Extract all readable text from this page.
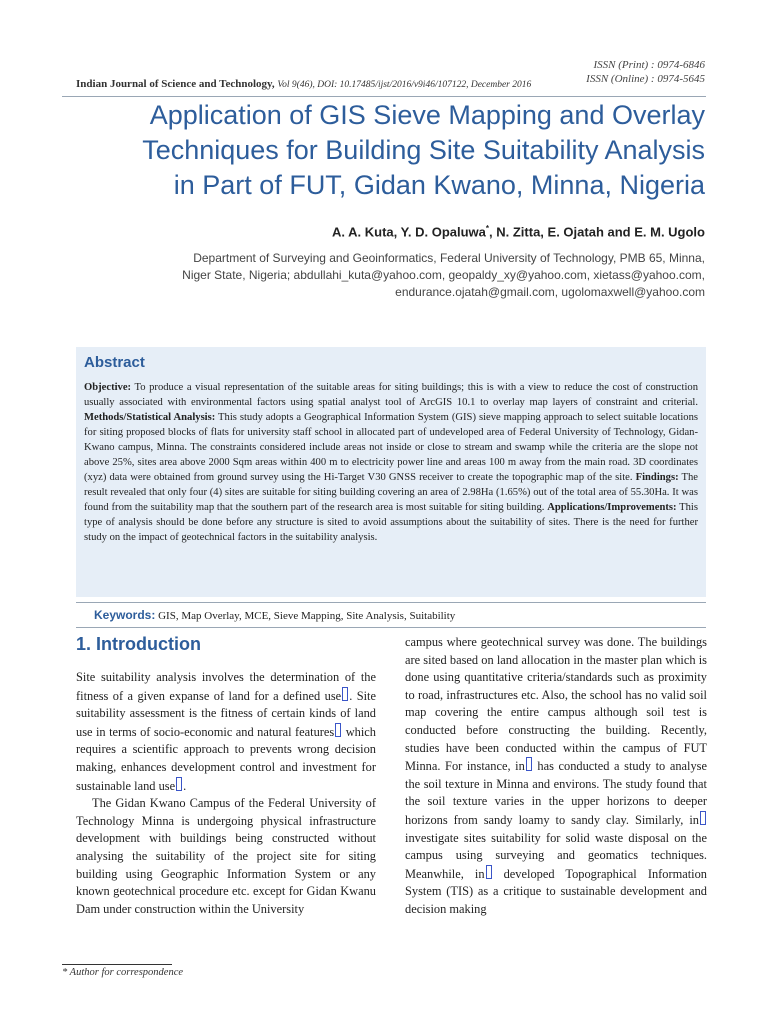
ISSN (Print) : 0974-6846
ISSN (Online) : 0974-5645
Indian Journal of Science and Technology, Vol 9(46), DOI: 10.17485/ijst/2016/v9i46/107122, December 2016
Application of GIS Sieve Mapping and Overlay
Techniques for Building Site Suitability Analysis
in Part of FUT, Gidan Kwano, Minna, Nigeria
A. A. Kuta, Y. D. Opaluwa*, N. Zitta, E. Ojatah and E. M. Ugolo
Department of Surveying and Geoinformatics, Federal University of Technology, PMB 65, Minna,
Niger State, Nigeria; abdullahi_kuta@yahoo.com, geopaldy_xy@yahoo.com, xietass@yahoo.com,
endurance.ojatah@gmail.com, ugolomaxwell@yahoo.com
Abstract
Objective: To produce a visual representation of the suitable areas for siting buildings; this is with a view to reduce the cost of construction usually associated with environmental factors using spatial analyst tool of ArcGIS 10.1 to overlay map layers of constraint and criterial. Methods/Statistical Analysis: This study adopts a Geographical Information System (GIS) sieve mapping approach to select suitable locations for siting proposed blocks of flats for university staff school in allocated part of undeveloped area of Federal University of Technology, Gidan-Kwano campus, Minna. The constraints considered include areas not inside or close to stream and swamp while the criteria are the slope not above 25%, sites area above 2000 Sqm areas within 400 m to electricity power line and areas 100 m away from the main road. 3D coordinates (xyz) data were obtained from ground survey using the Hi-Target V30 GNSS receiver to create the topographic map of the site. Findings: The result revealed that only four (4) sites are suitable for siting building covering an area of 2.98Ha (1.65%) out of the total area of 55.30Ha. It was found from the suitability map that the southern part of the research area is most suitable for siting building. Applications/Improvements: This type of analysis should be done before any structure is sited to avoid assumptions about the suitability of sites. There is the need for further study on the impact of geotechnical factors in the suitability analysis.
Keywords: GIS, Map Overlay, MCE, Sieve Mapping, Site Analysis, Suitability
1. Introduction

Site suitability analysis involves the determination of the fitness of a given expanse of land for a defined use . Site suitability assessment is the fitness of certain kinds of land use in terms of socio-economic and natural features which requires a scientific approach to prevents wrong decision making, enhances development control and investment for sustainable land use .

The Gidan Kwano Campus of the Federal University of Technology Minna is undergoing physical infrastructure development with buildings being constructed without analysing the suitability of the project site for siting building using Geographic Information System or any known geotechnical procedure etc. except for Gidan Kwanu Dam under construction within the University

campus where geotechnical survey was done. The buildings are sited based on land allocation in the master plan which is done using quantitative criteria/standards such as proximity to road, infrastructures etc. Also, the school has no valid soil map covering the entire campus although soil test is conducted before constructing the building. Recently, studies have been conducted within the campus of FUT Minna. For instance, in has conducted a study to analyse the soil texture in Minna and environs. The study found that the soil texture varies in the upper horizons to deeper horizons from sandy loamy to sandy clay. Similarly, in investigate sites suitability for solid waste disposal on the campus using surveying and geomatics techniques. Meanwhile, in developed Topographical Information System (TIS) as a critique to sustainable development and decision making

* Author for correspondence
